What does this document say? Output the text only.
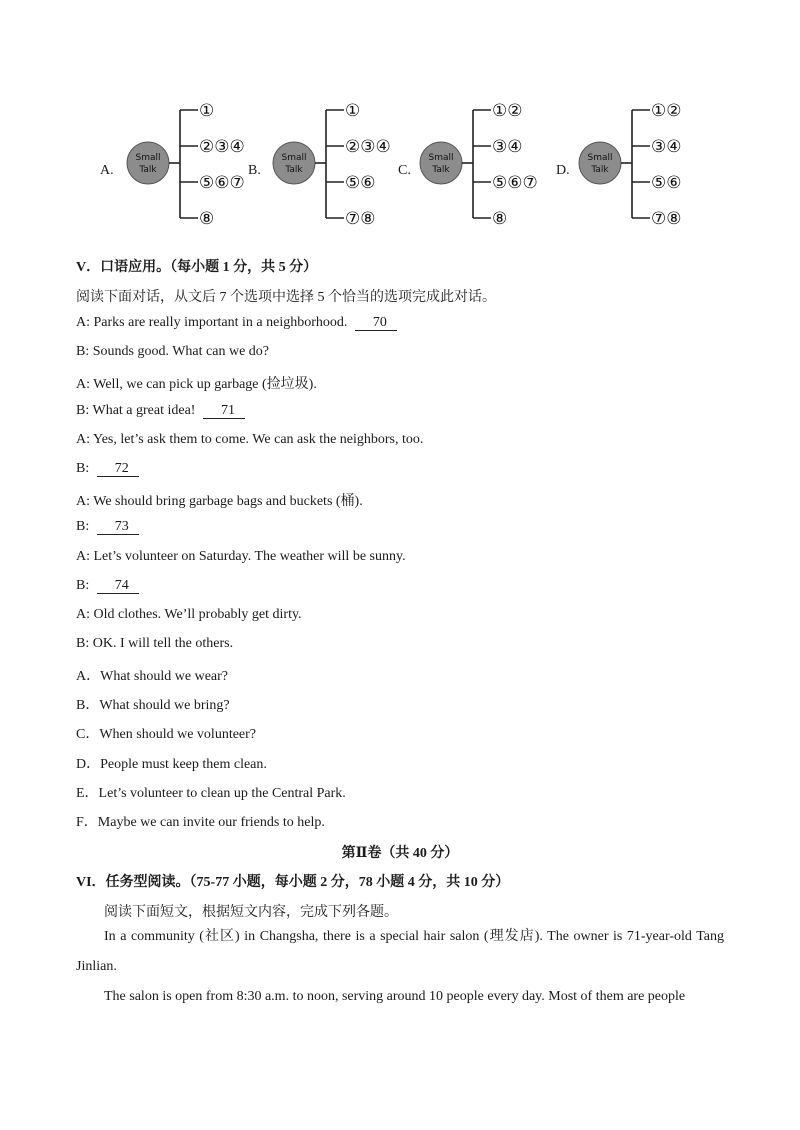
A.
Small
Talk
①
②③④
⑤⑥⑦
⑧
B.
Small
Talk
①
②③④
⑤⑥
⑦⑧
C.
Small
Talk
①②
③④
⑤⑥⑦
⑧
D.
Small
Talk
①②
③④
⑤⑥
⑦⑧
V．口语应用。（每小题 1 分，共 5 分）
阅读下面对话，从文后 7 个选项中选择 5 个恰当的选项完成此对话。
A: Parks are really important in a neighborhood. 70
B: Sounds good. What can we do?
A: Well, we can pick up garbage (捡垃圾).
B: What a great idea! 71
A: Yes, let’s ask them to come. We can ask the neighbors, too.
B: 72
A: We should bring garbage bags and buckets (桶).
B: 73
A: Let’s volunteer on Saturday. The weather will be sunny.
B: 74
A: Old clothes. We’ll probably get dirty.
B: OK. I will tell the others.
A．What should we wear?
B．What should we bring?
C．When should we volunteer?
D．People must keep them clean.
E．Let’s volunteer to clean up the Central Park.
F．Maybe we can invite our friends to help.
第Ⅱ卷（共 40 分）
VI．任务型阅读。（75-77 小题，每小题 2 分，78 小题 4 分，共 10 分）
阅读下面短文，根据短文内容，完成下列各题。
In a community (社区) in Changsha, there is a special hair salon (理发店). The owner is 71-year-old Tang Jinlian.
The salon is open from 8:30 a.m. to noon, serving around 10 people every day. Most of them are people
